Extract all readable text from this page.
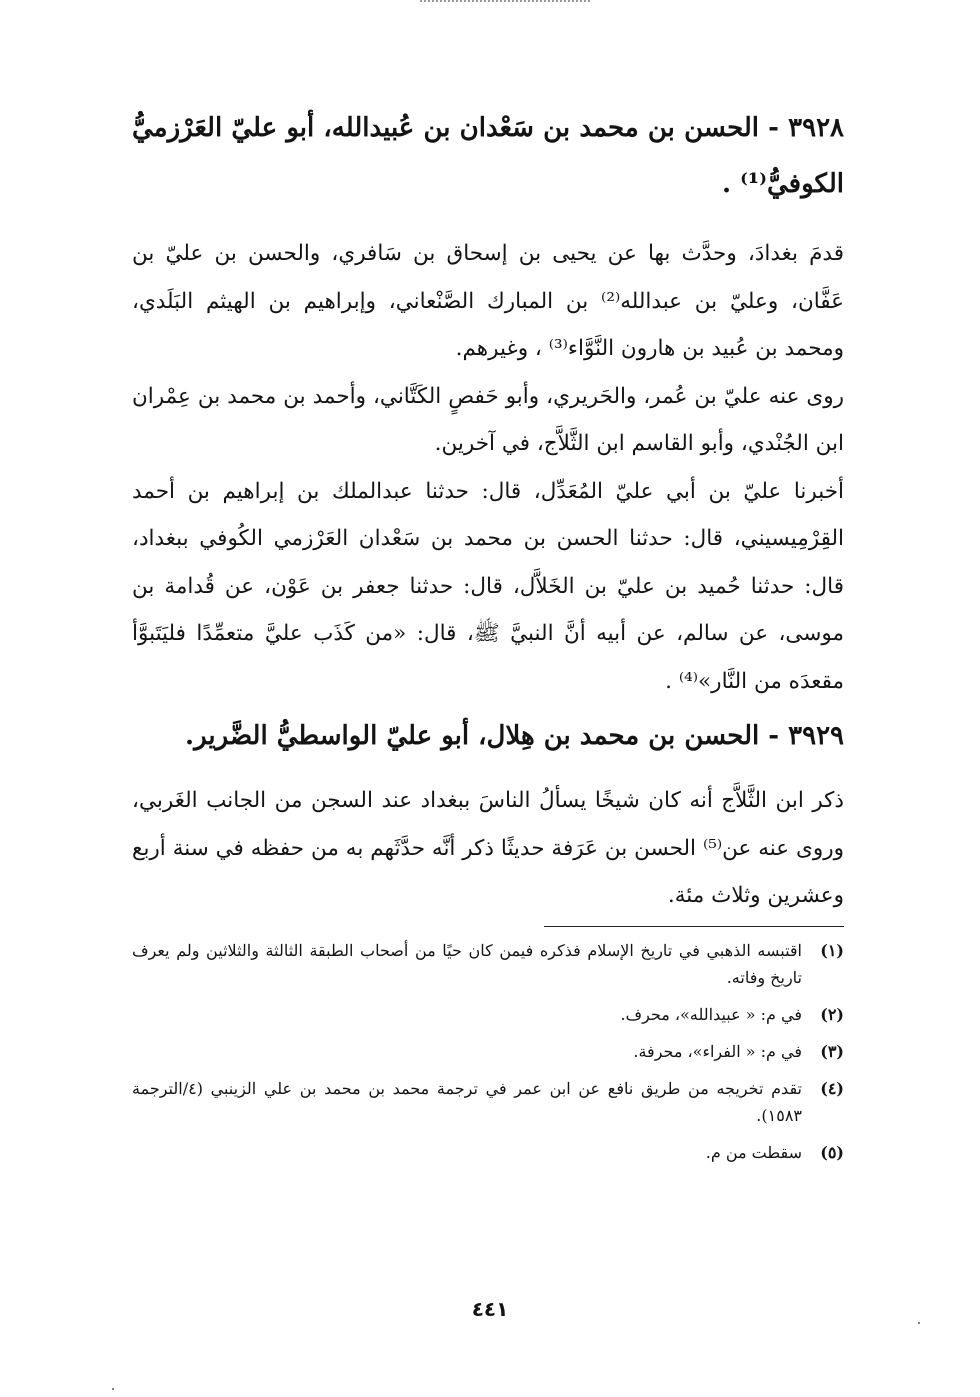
٣٩٢٨ - الحسن بن محمد بن سَعْدان بن عُبيدالله، أبو عليّ العَرْزميُّ الكوفيُّ⁽¹⁾ .

قدمَ بغدادَ، وحدَّث بها عن يحيى بن إسحاق بن سَافري، والحسن بن عليّ بن عَفَّان، وعليّ بن عبدالله⁽²⁾ بن المبارك الصَّنْعاني، وإبراهيم بن الهيثم البَلَدي، ومحمد بن عُبيد بن هارون النَّوَّاء⁽³⁾ ، وغيرهم.

روى عنه عليّ بن عُمر، والحَريري، وأبو حَفصٍ الكَتَّاني، وأحمد بن محمد بن عِمْران ابن الجُنْدي، وأبو القاسم ابن الثَّلاَّج، في آخرين.

أخبرنا عليّ بن أبي عليّ المُعَدِّل، قال: حدثنا عبدالملك بن إبراهيم بن أحمد القِرْمِيسيني، قال: حدثنا الحسن بن محمد بن سَعْدان العَرْزمي الكُوفي ببغداد، قال: حدثنا حُميد بن عليّ بن الخَلاَّل، قال: حدثنا جعفر بن عَوْن، عن قُدامة بن موسى، عن سالم، عن أبيه أنَّ النبيَّ ﷺ، قال: «من كَذَب عليَّ متعمِّدًا فليَتَبوَّأ مقعدَه من النَّار»⁽⁴⁾ .

٣٩٢٩ - الحسن بن محمد بن هِلال، أبو عليّ الواسطيُّ الضَّرير.

ذكر ابن الثَّلاَّج أنه كان شيخًا يسألُ الناسَ ببغداد عند السجن من الجانب الغَربي، وروى عنه عن⁽⁵⁾ الحسن بن عَرَفة حديثًا ذكر أنَّه حدَّثَهم به من حفظه في سنة أربع وعشرين وثلاث مئة.

(١)
اقتبسه الذهبي في تاريخ الإسلام فذكره فيمن كان حيًا من أصحاب الطبقة الثالثة والثلاثين ولم يعرف تاريخ وفاته.
(٢)
في م: « عبيدالله»، محرف.
(٣)
في م: « الفراء»، محرفة.
(٤)
تقدم تخريجه من طريق نافع عن ابن عمر في ترجمة محمد بن محمد بن علي الزينبي (٤/الترجمة ١٥٨٣).
(٥)
سقطت من م.
٤٤١
